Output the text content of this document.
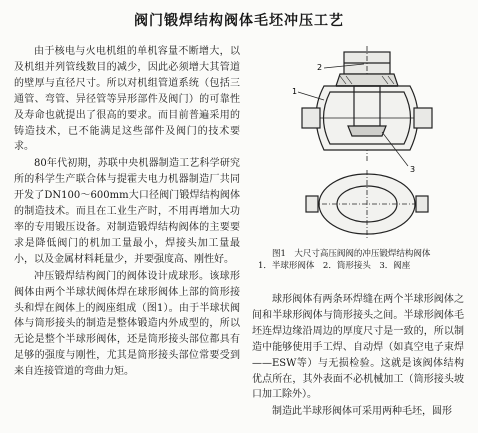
阀门锻焊结构阀体毛坯冲压工艺

由于核电与火电机组的单机容量不断增大，以及机组并列管线数目的减少，因此必须增大其管道的壁厚与直径尺寸。所以对机组管道系统（包括三通管、弯管、异径管等异形部件及阀门）的可靠性及寿命也就提出了很高的要求。而目前普遍采用的铸造技术，已不能满足这些部件及阀门的技术要求。

80年代初期，苏联中央机器制造工艺科学研究所的科学生产联合体与提霍夫电力机器制造厂共同开发了DN100～600mm大口径阀门锻焊结构阀体的制造技术。而且在工业生产时，不用再增加大功率的专用锻压设备。对制造锻焊结构阀体的主要要求是降低阀门的机加工量最小，焊接头加工量最小，以及金属材料耗量少，并要强度高、刚性好。

冲压锻焊结构阀门的阀体设计成球形。该球形阀体由两个半球状阀体焊在球形阀体上部的筒形接头和焊在阀体上的阀座组成（图1）。由于半球状阀体与筒形接头的制造是整体锻造内外成型的，所以无论是整个半球形阀体，还是筒形接头部位都具有足够的强度与刚性，尤其是筒形接头部位常要受到来自连接管道的弯曲力矩。

1
2
3
图1　大尺寸高压阀阀的冲压锻焊结构阀体
1．半球形阀体　2．筒形接头　3．阀座

球形阀体有两条环焊缝在两个半球形阀体之间和半球形阀体与筒形接头之间。半球形阀体毛坯连焊边缘沿周边的厚度尺寸是一致的，所以制造中能够使用手工焊、自动焊（如真空电子束焊——ESW等）与无损检验。这就是该阀体结构优点所在，其外表面不必机械加工（筒形接头坡口加工除外）。

制造此半球形阀体可采用两种毛坯，圆形
